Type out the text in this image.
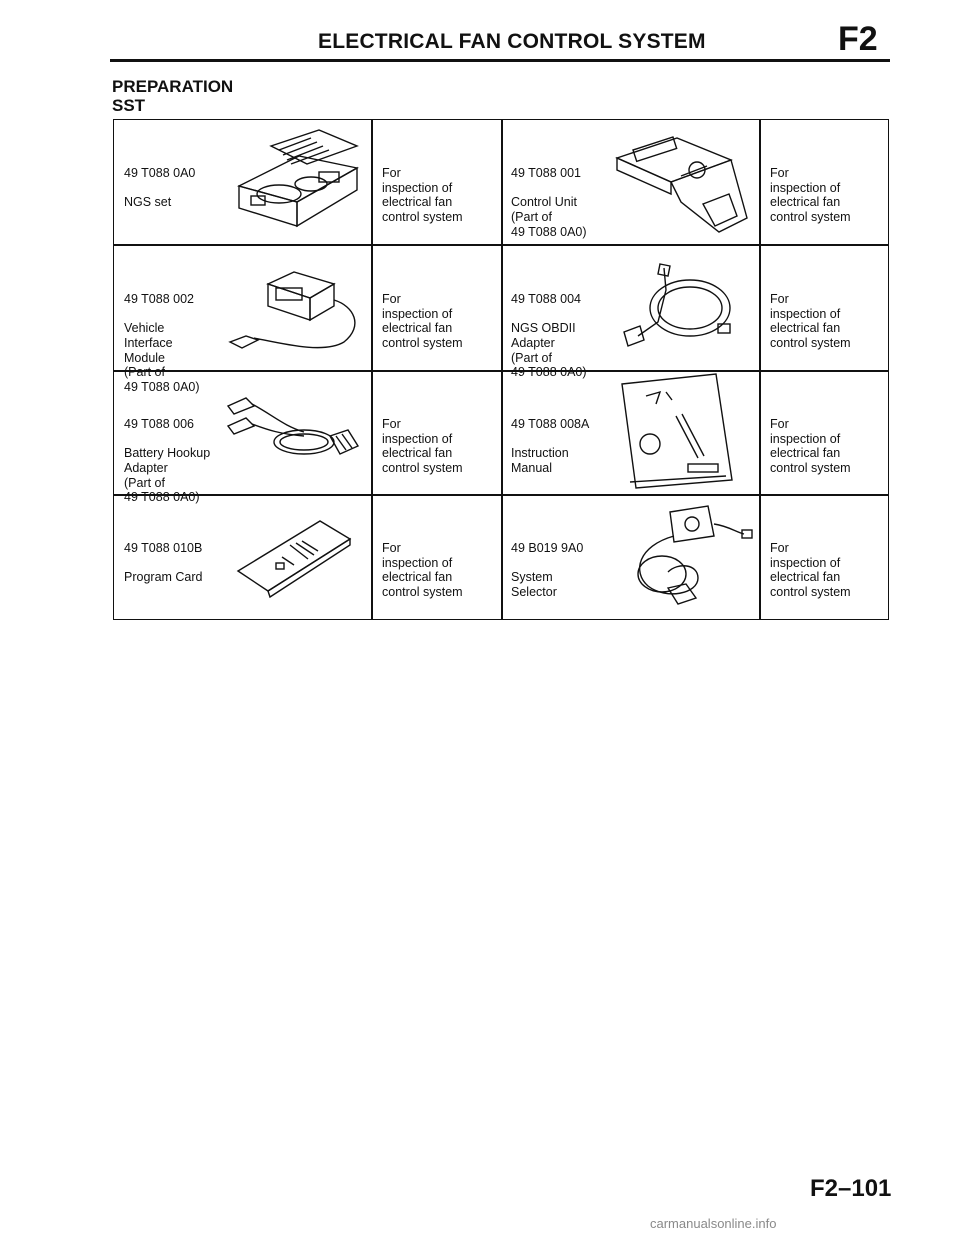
ELECTRICAL FAN CONTROL SYSTEM	F2
PREPARATION
SST

49 T088 0A0

NGS set

For
inspection of
electrical fan
control system

49 T088 001

Control Unit
(Part of
49 T088 0A0)

For
inspection of
electrical fan
control system

49 T088 002

Vehicle
Interface
Module
(Part of
49 T088 0A0)

For
inspection of
electrical fan
control system

49 T088 004

NGS OBDII
Adapter
(Part of
49 T088 0A0)

For
inspection of
electrical fan
control system

49 T088 006

Battery Hookup
Adapter
(Part of
49 T088 0A0)

For
inspection of
electrical fan
control system

49 T088 008A

Instruction
Manual

For
inspection of
electrical fan
control system

49 T088 010B

Program Card

For
inspection of
electrical fan
control system

49 B019 9A0

System
Selector

For
inspection of
electrical fan
control system

F2–101
carmanualsonline.info
